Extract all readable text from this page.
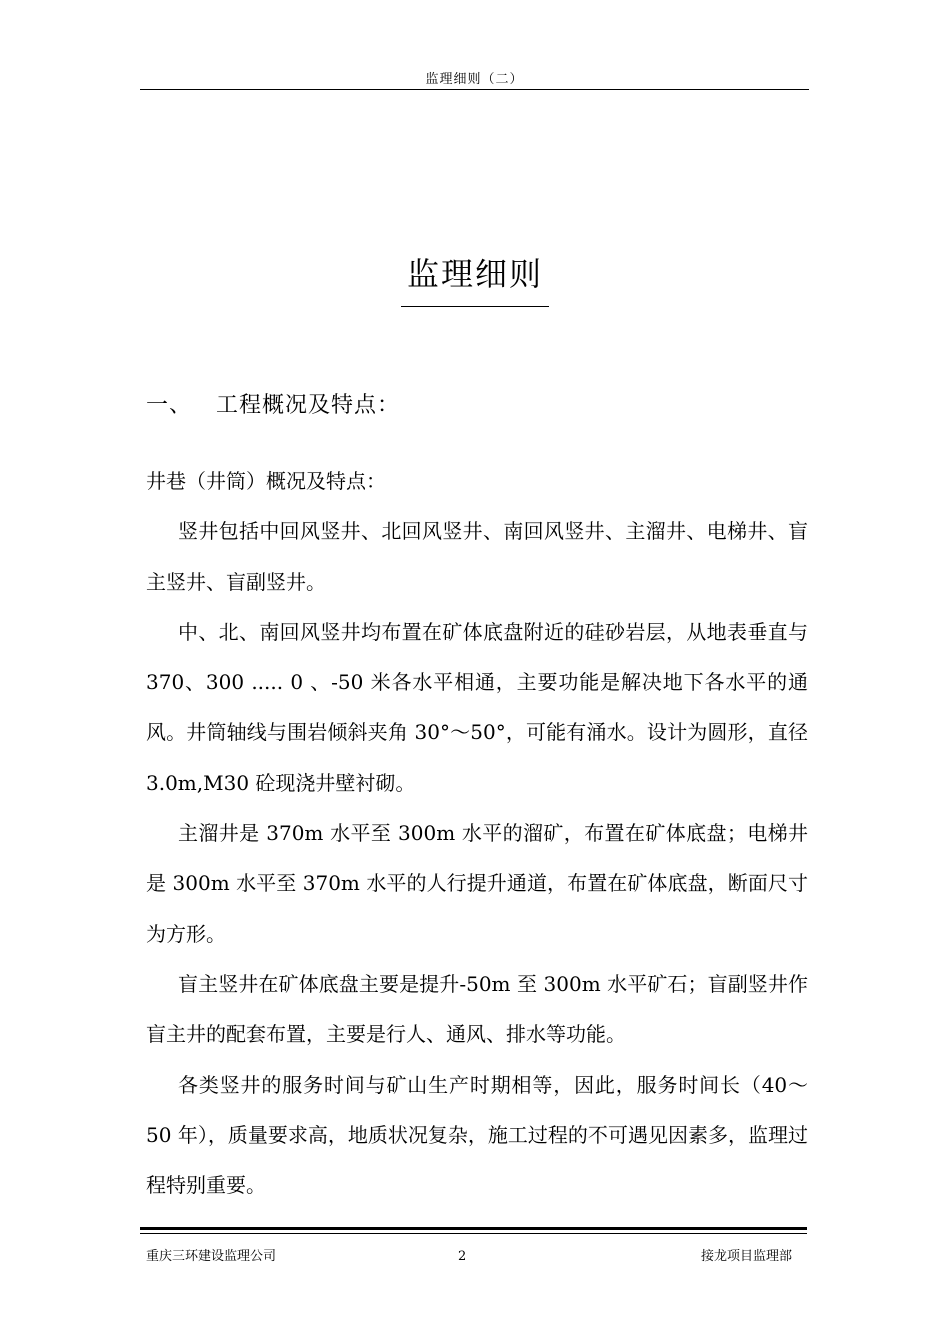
监理细则（二）
监理细则
一、 工程概况及特点：

井巷（井筒）概况及特点：

竖井包括中回风竖井、北回风竖井、南回风竖井、主溜井、电梯井、盲主竖井、盲副竖井。

中、北、南回风竖井均布置在矿体底盘附近的硅砂岩层，从地表垂直与 370、300 ..... 0 、-50 米各水平相通，主要功能是解决地下各水平的通风。井筒轴线与围岩倾斜夹角 30°～50°，可能有涌水。设计为圆形，直径 3.0m,M30 砼现浇井壁衬砌。

主溜井是 370m 水平至 300m 水平的溜矿，布置在矿体底盘；电梯井是 300m 水平至 370m 水平的人行提升通道，布置在矿体底盘，断面尺寸为方形。

盲主竖井在矿体底盘主要是提升-50m 至 300m 水平矿石；盲副竖井作盲主井的配套布置，主要是行人、通风、排水等功能。

各类竖井的服务时间与矿山生产时期相等，因此，服务时间长（40～50 年），质量要求高，地质状况复杂，施工过程的不可遇见因素多，监理过程特别重要。

重庆三环建设监理公司	2	接龙项目监理部
